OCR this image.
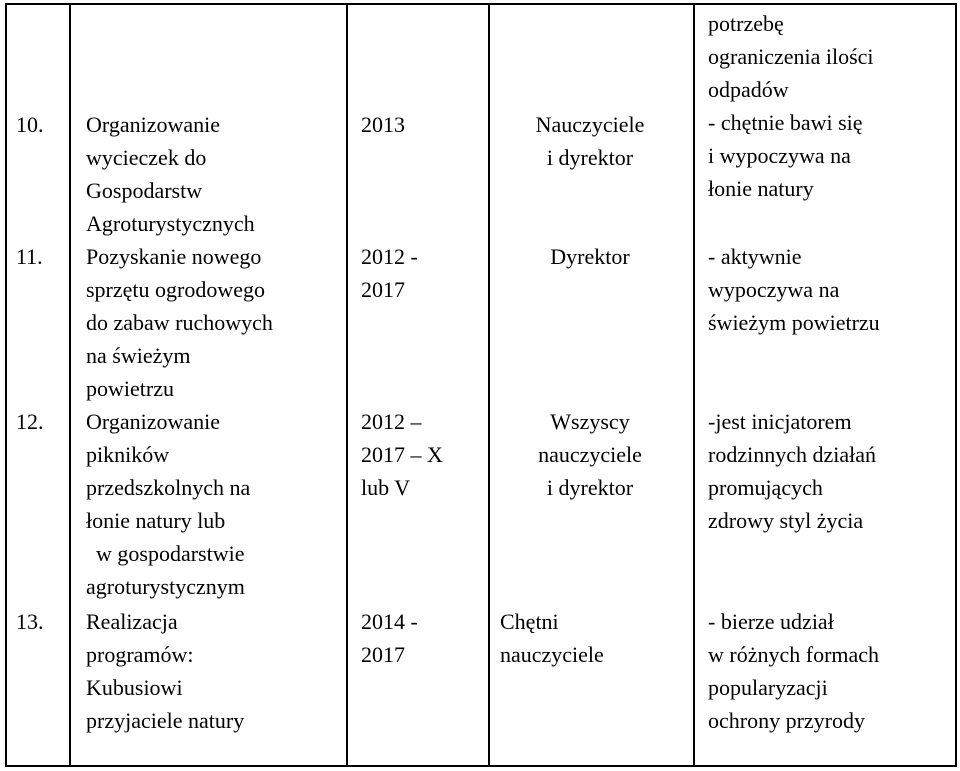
10. Organizowanie
wycieczek do
Gospodarstw
Agroturystycznych
2013	Nauczyciele
i dyrektor
potrzebę
ograniczenia ilości
odpadów
- chętnie bawi się
i wypoczywa na
łonie natury
11. Pozyskanie nowego
sprzętu ogrodowego
do zabaw ruchowych
na świeżym
powietrzu
2012 -
2017
Dyrektor	- aktywnie
wypoczywa na
świeżym powietrzu
12. Organizowanie
pikników
przedszkolnych na
łonie natury lub
w gospodarstwie
agroturystycznym
2012 –
2017 – X
lub V
Wszyscy
nauczyciele
i dyrektor
-jest inicjatorem
rodzinnych działań
promujących
zdrowy styl życia
13. Realizacja
programów:
Kubusiowi
przyjaciele natury
2014 -
2017
Chętni
nauczyciele
- bierze udział
w różnych formach
popularyzacji
ochrony przyrody
